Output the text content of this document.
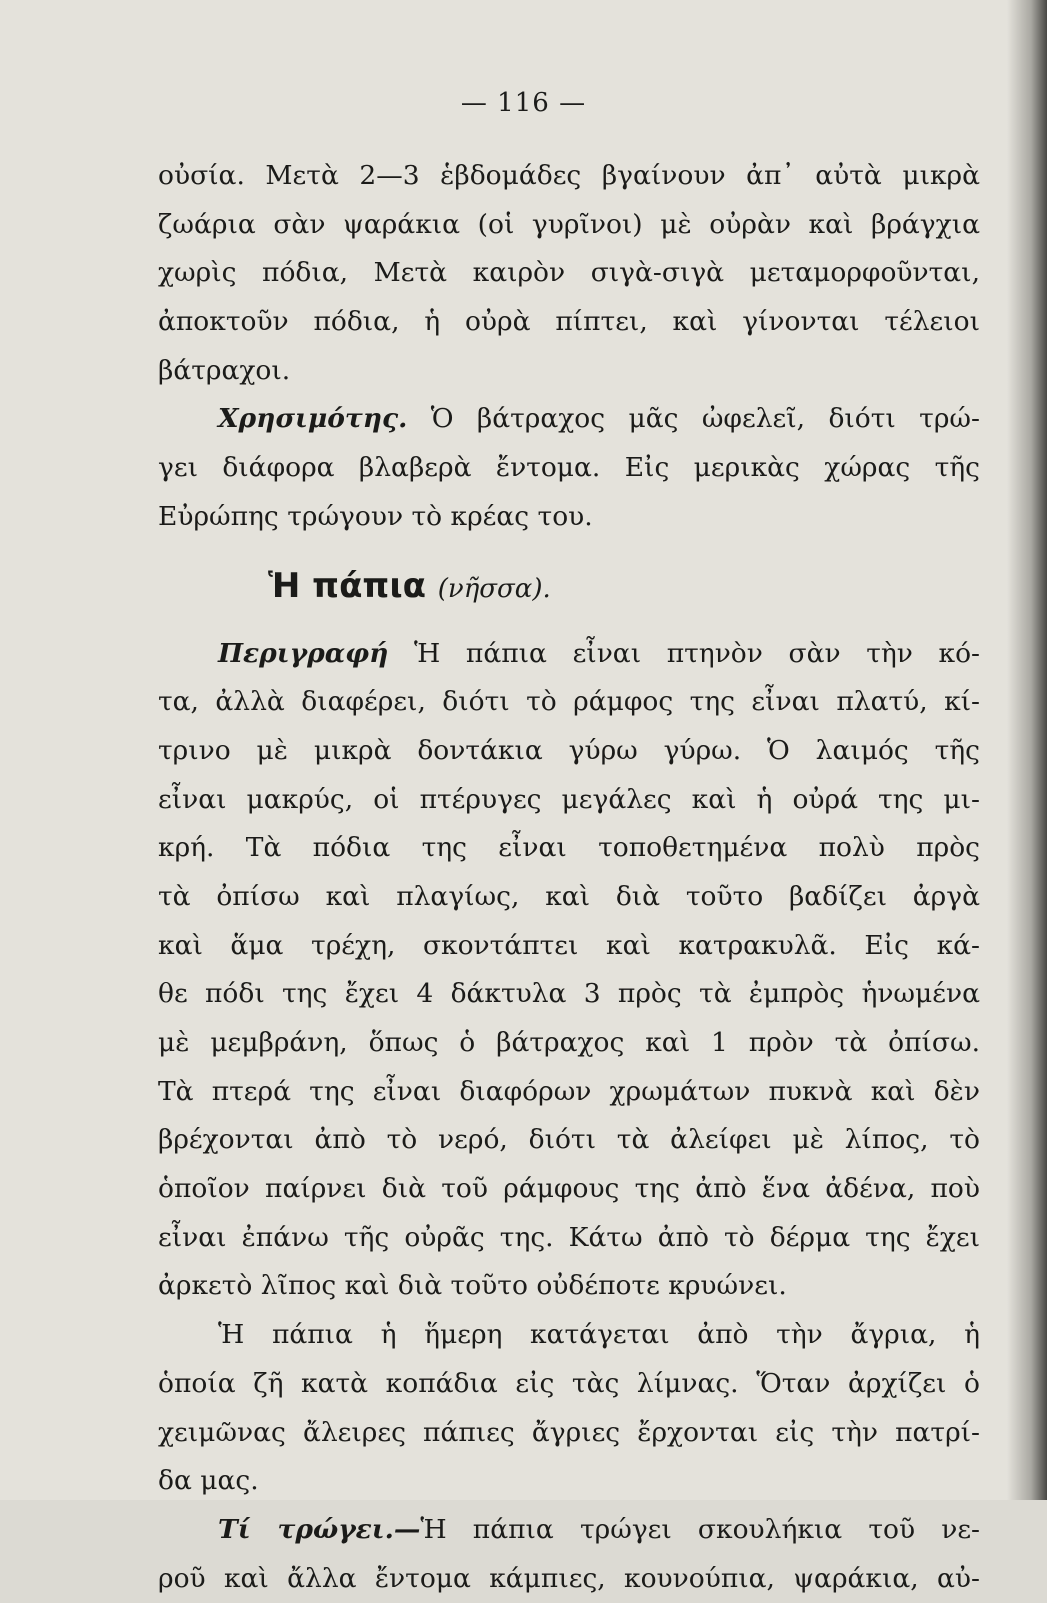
— 116 —
οὐσία. Μετὰ 2—3 ἑβδομάδες βγαίνουν ἀπ᾿ αὐτὰ μικρὰ
ζωάρια σὰν ψαράκια (οἱ γυρῖνοι) μὲ οὐρὰν καὶ βράγχια
χωρὶς πόδια, Μετὰ καιρὸν σιγὰ-σιγὰ μεταμορφοῦνται,
ἀποκτοῦν πόδια, ἡ οὐρὰ πίπτει, καὶ γίνονται τέλειοι
βάτραχοι.
Χρησιμότης. Ὁ βάτραχος μᾶς ὠφελεῖ, διότι τρώ-
γει διάφορα βλαβερὰ ἔντομα. Εἰς μερικὰς χώρας τῆς
Εὐρώπης τρώγουν τὸ κρέας του.
Ἡ πάπια (νῆσσα).
Περιγραφή Ἡ πάπια εἶναι πτηνὸν σὰν τὴν κό-
τα, ἀλλὰ διαφέρει, διότι τὸ ράμφος της εἶναι πλατύ, κί-
τρινο μὲ μικρὰ δοντάκια γύρω γύρω. Ὁ λαιμός τῆς
εἶναι μακρύς, οἱ πτέρυγες μεγάλες καὶ ἡ οὐρά της μι-
κρή. Τὰ πόδια της εἶναι τοποθετημένα πολὺ πρὸς
τὰ ὀπίσω καὶ πλαγίως, καὶ διὰ τοῦτο βαδίζει ἀργὰ
καὶ ἅμα τρέχη, σκοντάπτει καὶ κατρακυλᾶ. Εἰς κά-
θε πόδι της ἔχει 4 δάκτυλα 3 πρὸς τὰ ἐμπρὸς ἡνωμένα
μὲ μεμβράνη, ὅπως ὁ βάτραχος καὶ 1 πρὸν τὰ ὀπίσω.
Τὰ πτερά της εἶναι διαφόρων χρωμάτων πυκνὰ καὶ δὲν
βρέχονται ἀπὸ τὸ νερό, διότι τὰ ἀλείφει μὲ λίπος, τὸ
ὁποῖον παίρνει διὰ τοῦ ράμφους της ἀπὸ ἕνα ἀδένα, ποὺ
εἶναι ἐπάνω τῆς οὐρᾶς της. Κάτω ἀπὸ τὸ δέρμα της ἔχει
ἀρκετὸ λῖπος καὶ διὰ τοῦτο οὐδέποτε κρυώνει.
Ἡ πάπια ἡ ἥμερη κατάγεται ἀπὸ τὴν ἄγρια, ἡ
ὁποία ζῆ κατὰ κοπάδια εἰς τὰς λίμνας. Ὅταν ἀρχίζει ὁ
χειμῶνας ἄλειρες πάπιες ἄγριες ἔρχονται εἰς τὴν πατρί-
δα μας.
Τί τρώγει.—Ἡ πάπια τρώγει σκουλήκια τοῦ νε-
ροῦ καὶ ἄλλα ἔντομα κάμπιες, κουνούπια, ψαράκια, αὐ-
